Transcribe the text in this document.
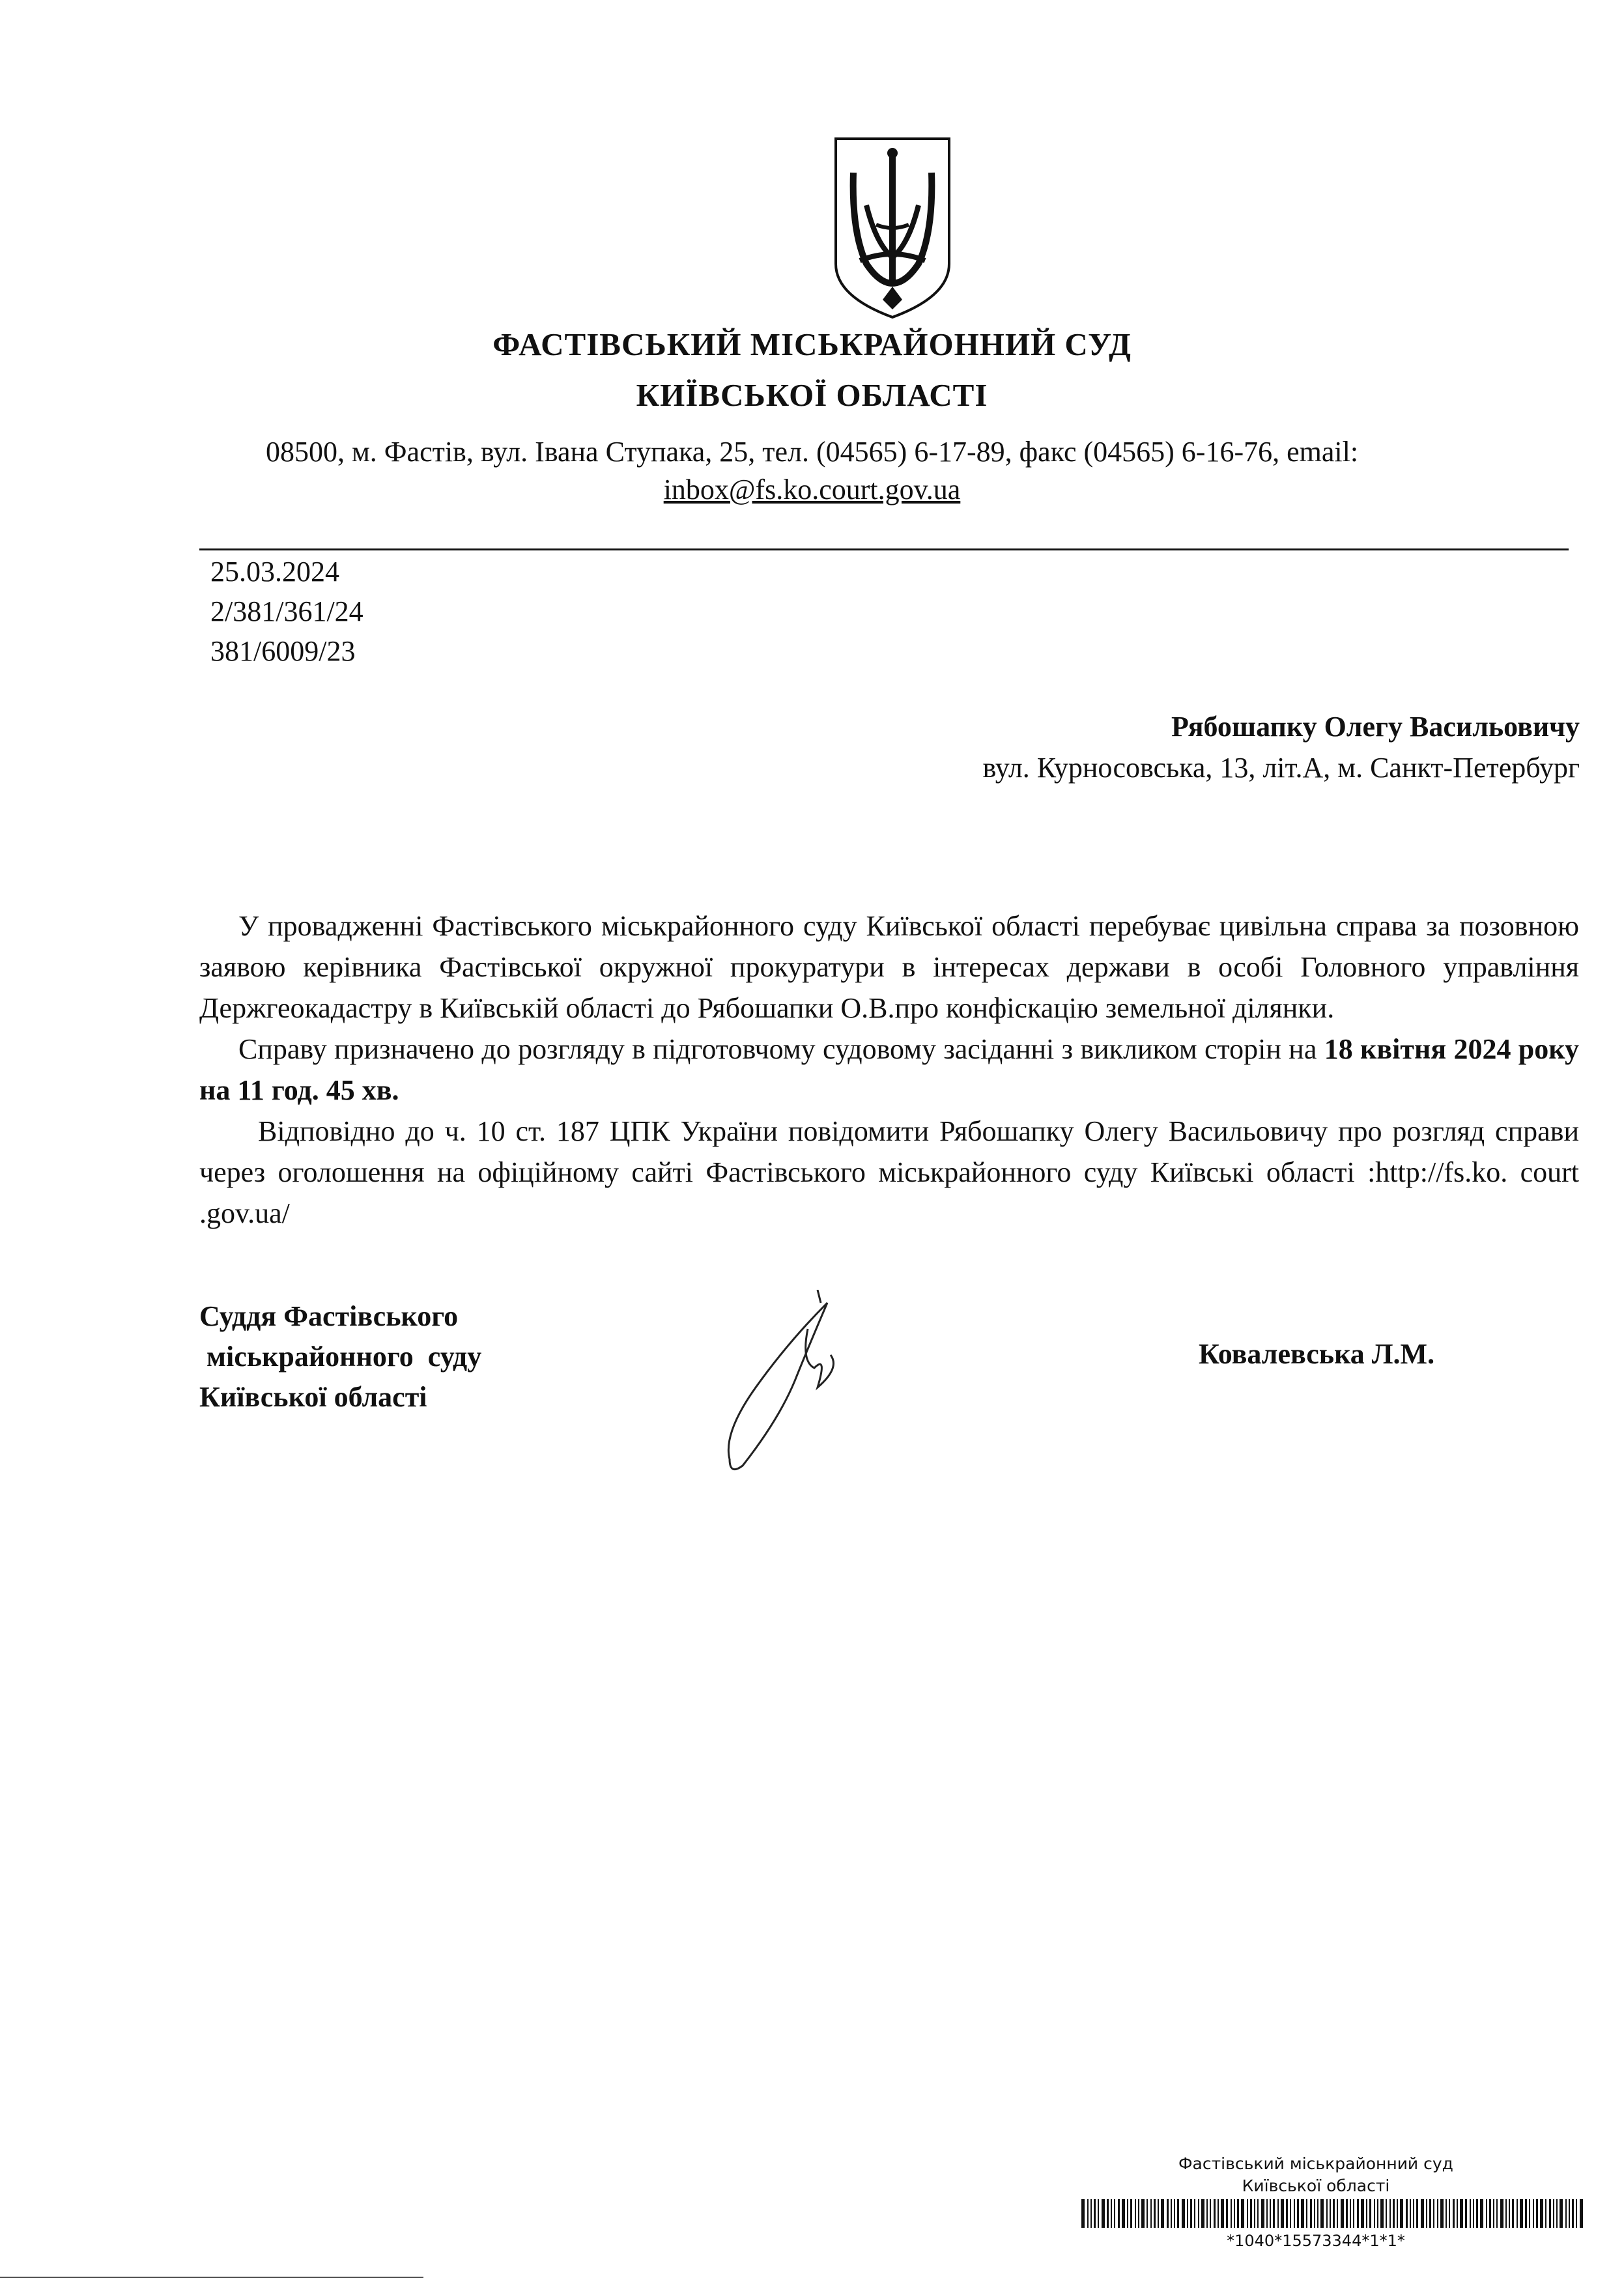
ФАСТІВСЬКИЙ МІСЬКРАЙОННИЙ СУД
КИЇВСЬКОЇ ОБЛАСТІ
08500, м. Фастів, вул. Івана Ступака, 25, тел. (04565) 6-17-89, факс (04565) 6-16-76, email:
inbox@fs.ko.court.gov.ua
25.03.2024
2/381/361/24
381/6009/23
Рябошапку Олегу Васильовичу
вул. Курносовська, 13, літ.А, м. Санкт-Петербург

У провадженні Фастівського міськрайонного суду Київської області перебуває цивільна справа за позовною заявою керівника Фастівської окружної прокуратури в інтересах держави в особі Головного управління Держгеокадастру в Київській області до Рябошапки О.В.про конфіскацію земельної ділянки.

Справу призначено до розгляду в підготовчому судовому засіданні з викликом сторін на 18 квітня 2024 року на 11 год. 45 хв.

Відповідно до ч. 10 ст. 187 ЦПК України повідомити Рябошапку Олегу Васильовичу про розгляд справи через оголошення на офіційному сайті Фастівського міськрайонного суду Київські області :http://fs.ko. court .gov.ua/

Суддя Фастівського
міськрайонного  суду
Київської області
Ковалевська Л.М.
Фастівський міськрайонний суд
Київської області
*1040*15573344*1*1*
